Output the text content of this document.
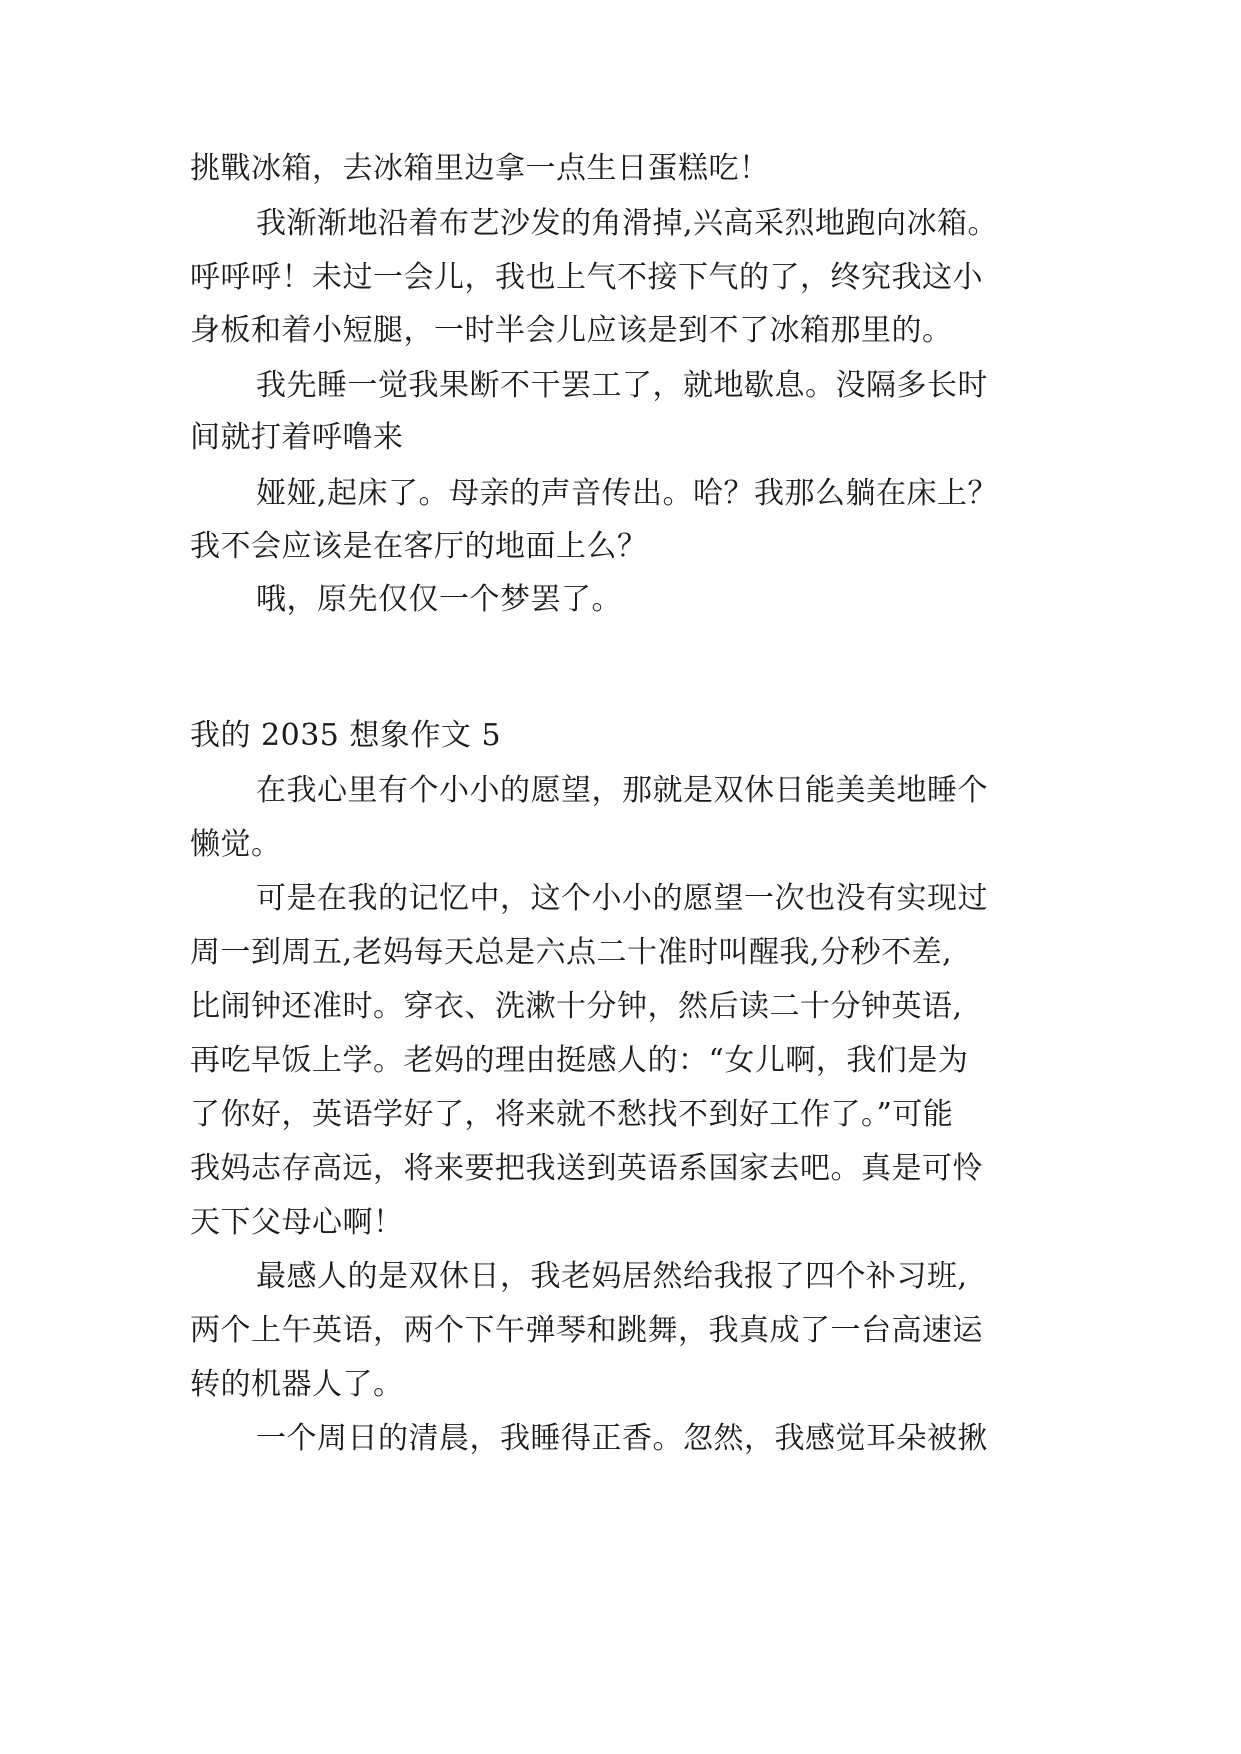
挑戰冰箱，去冰箱里边拿一点生日蛋糕吃！
我渐渐地沿着布艺沙发的角滑掉,兴高采烈地跑向冰箱。
呼呼呼！未过一会儿，我也上气不接下气的了，终究我这小
身板和着小短腿，一时半会儿应该是到不了冰箱那里的。
我先睡一觉我果断不干罢工了，就地歇息。没隔多长时
间就打着呼噜来
娅娅,起床了。母亲的声音传出。哈？我那么躺在床上？
我不会应该是在客厅的地面上么？
哦，原先仅仅一个梦罢了。
我的 2035 想象作文 5
在我心里有个小小的愿望，那就是双休日能美美地睡个
懒觉。
可是在我的记忆中，这个小小的愿望一次也没有实现过
周一到周五,老妈每天总是六点二十准时叫醒我,分秒不差,
比闹钟还准时。穿衣、洗漱十分钟，然后读二十分钟英语,
再吃早饭上学。老妈的理由挺感人的：“女儿啊，我们是为
了你好，英语学好了，将来就不愁找不到好工作了。”可能
我妈志存高远，将来要把我送到英语系国家去吧。真是可怜
天下父母心啊！
最感人的是双休日，我老妈居然给我报了四个补习班,
两个上午英语，两个下午弹琴和跳舞，我真成了一台高速运
转的机器人了。
一个周日的清晨，我睡得正香。忽然，我感觉耳朵被揪
